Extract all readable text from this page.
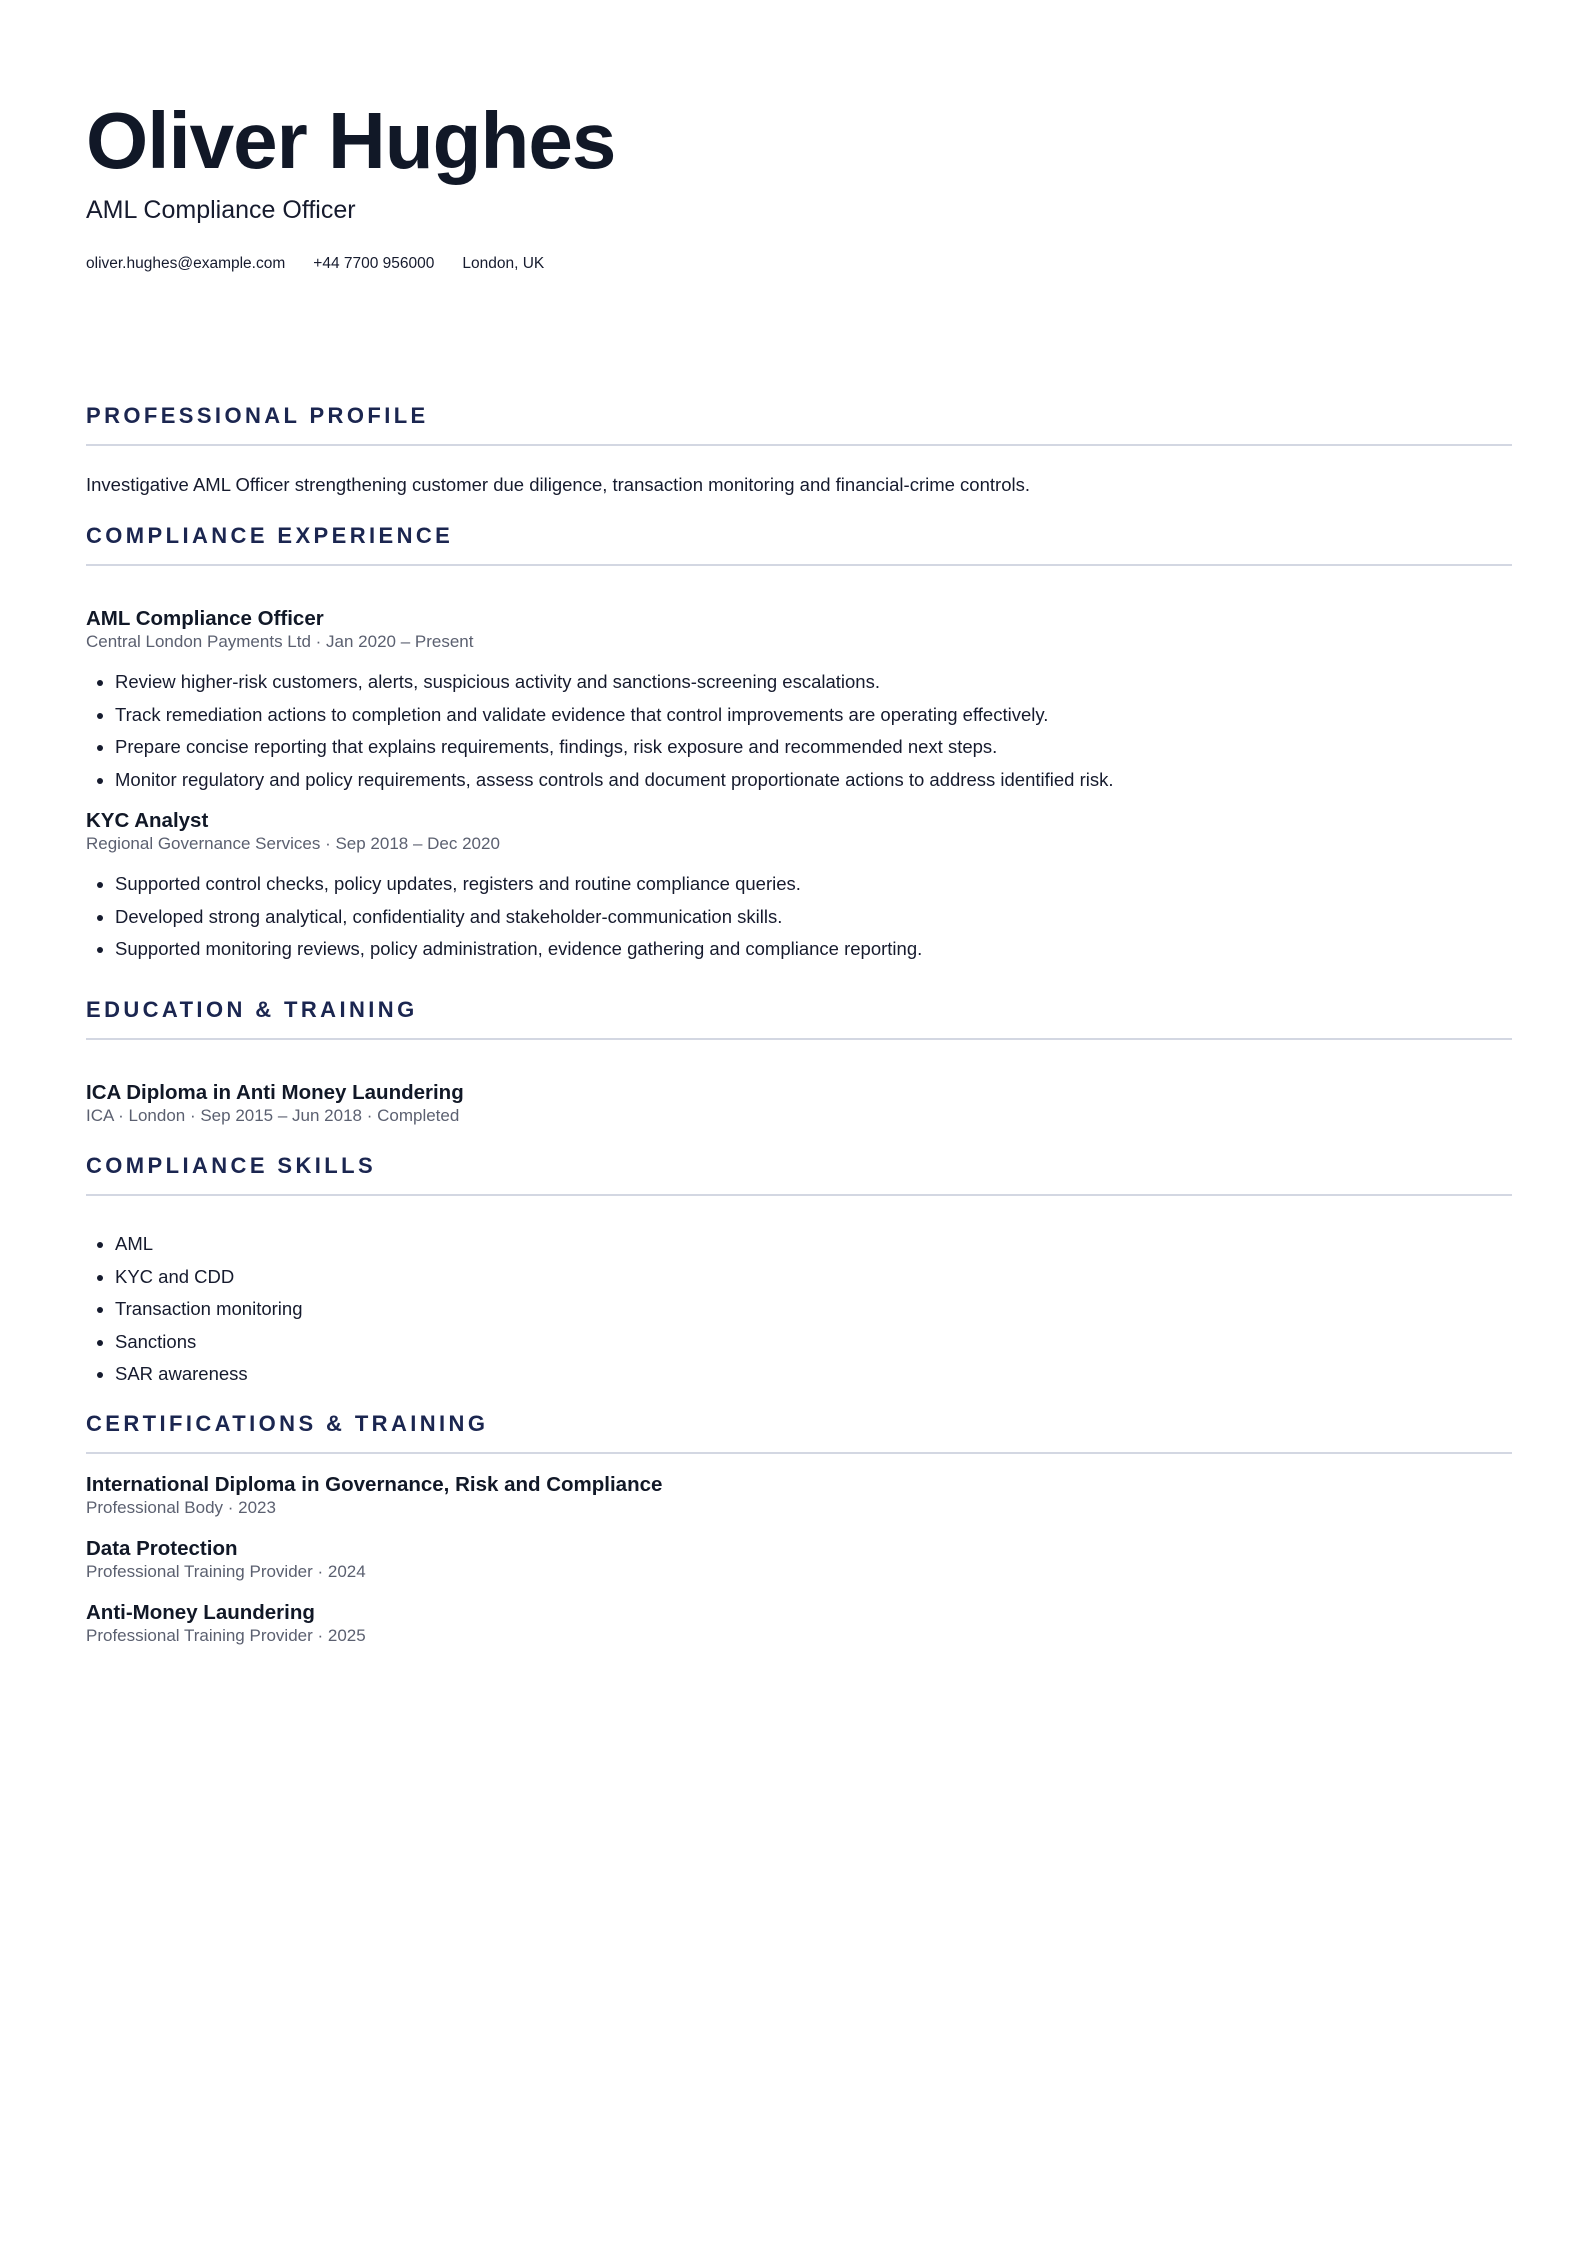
Oliver Hughes
AML Compliance Officer
oliver.hughes@example.com +44 7700 956000 London, UK
PROFESSIONAL PROFILE
Investigative AML Officer strengthening customer due diligence, transaction monitoring and financial-crime controls.
COMPLIANCE EXPERIENCE
AML Compliance Officer
Central London Payments Ltd · Jan 2020 – Present
• Review higher-risk customers, alerts, suspicious activity and sanctions-screening escalations.
• Track remediation actions to completion and validate evidence that control improvements are operating effectively.
• Prepare concise reporting that explains requirements, findings, risk exposure and recommended next steps.
• Monitor regulatory and policy requirements, assess controls and document proportionate actions to address identified risk.
KYC Analyst
Regional Governance Services · Sep 2018 – Dec 2020
• Supported control checks, policy updates, registers and routine compliance queries.
• Developed strong analytical, confidentiality and stakeholder-communication skills.
• Supported monitoring reviews, policy administration, evidence gathering and compliance reporting.
EDUCATION & TRAINING
ICA Diploma in Anti Money Laundering
ICA · London · Sep 2015 – Jun 2018 · Completed
COMPLIANCE SKILLS
• AML
• KYC and CDD
• Transaction monitoring
• Sanctions
• SAR awareness
CERTIFICATIONS & TRAINING
International Diploma in Governance, Risk and Compliance
Professional Body · 2023
Data Protection
Professional Training Provider · 2024
Anti-Money Laundering
Professional Training Provider · 2025
